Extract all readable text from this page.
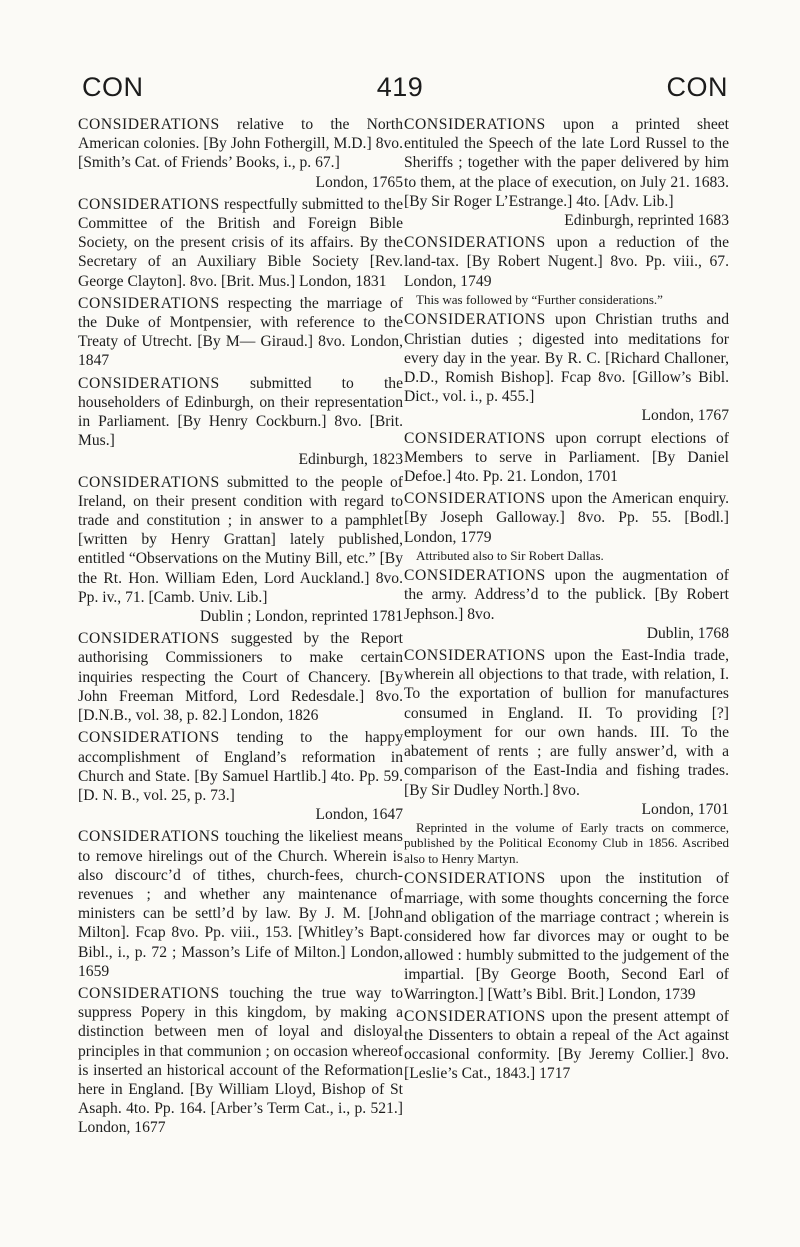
CON	419	CON

CONSIDERATIONS relative to the North American colonies. [By John Fothergill, M.D.] 8vo. [Smith’s Cat. of Friends’ Books, i., p. 67.]
London, 1765

CONSIDERATIONS respectfully submitted to the Committee of the British and Foreign Bible Society, on the present crisis of its affairs. By the Secretary of an Auxiliary Bible Society [Rev. George Clayton]. 8vo. [Brit. Mus.] London, 1831

CONSIDERATIONS respecting the marriage of the Duke of Montpensier, with reference to the Treaty of Utrecht. [By M— Giraud.] 8vo. London, 1847

CONSIDERATIONS submitted to the householders of Edinburgh, on their representation in Parliament. [By Henry Cockburn.] 8vo. [Brit. Mus.]
Edinburgh, 1823

CONSIDERATIONS submitted to the people of Ireland, on their present condition with regard to trade and constitution ; in answer to a pamphlet [written by Henry Grattan] lately published, entitled “Observations on the Mutiny Bill, etc.” [By the Rt. Hon. William Eden, Lord Auckland.] 8vo. Pp. iv., 71. [Camb. Univ. Lib.]
Dublin ; London, reprinted 1781

CONSIDERATIONS suggested by the Report authorising Commissioners to make certain inquiries respecting the Court of Chancery. [By John Freeman Mitford, Lord Redesdale.] 8vo. [D.N.B., vol. 38, p. 82.] London, 1826

CONSIDERATIONS tending to the happy accomplishment of England’s reformation in Church and State. [By Samuel Hartlib.] 4to. Pp. 59. [D. N. B., vol. 25, p. 73.]
London, 1647

CONSIDERATIONS touching the likeliest means to remove hirelings out of the Church. Wherein is also discourc’d of tithes, church-fees, church-revenues ; and whether any maintenance of ministers can be settl’d by law. By J. M. [John Milton]. Fcap 8vo. Pp. viii., 153. [Whitley’s Bapt. Bibl., i., p. 72 ; Masson’s Life of Milton.] London, 1659

CONSIDERATIONS touching the true way to suppress Popery in this kingdom, by making a distinction between men of loyal and disloyal principles in that communion ; on occasion whereof is inserted an historical account of the Reformation here in England. [By William Lloyd, Bishop of St Asaph. 4to. Pp. 164. [Arber’s Term Cat., i., p. 521.] London, 1677

CONSIDERATIONS upon a printed sheet entituled the Speech of the late Lord Russel to the Sheriffs ; together with the paper delivered by him to them, at the place of execution, on July 21. 1683. [By Sir Roger L’Estrange.] 4to. [Adv. Lib.]
Edinburgh, reprinted 1683

CONSIDERATIONS upon a reduction of the land-tax. [By Robert Nugent.] 8vo. Pp. viii., 67. London, 1749
This was followed by “Further considerations.”

CONSIDERATIONS upon Christian truths and Christian duties ; digested into meditations for every day in the year. By R. C. [Richard Challoner, D.D., Romish Bishop]. Fcap 8vo. [Gillow’s Bibl. Dict., vol. i., p. 455.]
London, 1767

CONSIDERATIONS upon corrupt elections of Members to serve in Parliament. [By Daniel Defoe.] 4to. Pp. 21. London, 1701

CONSIDERATIONS upon the American enquiry. [By Joseph Galloway.] 8vo. Pp. 55. [Bodl.] London, 1779
Attributed also to Sir Robert Dallas.

CONSIDERATIONS upon the augmentation of the army. Address’d to the publick. [By Robert Jephson.] 8vo.
Dublin, 1768

CONSIDERATIONS upon the East-India trade, wherein all objections to that trade, with relation, I. To the exportation of bullion for manufactures consumed in England. II. To providing [?] employment for our own hands. III. To the abatement of rents ; are fully answer’d, with a comparison of the East-India and fishing trades. [By Sir Dudley North.] 8vo.
London, 1701
Reprinted in the volume of Early tracts on commerce, published by the Political Economy Club in 1856. Ascribed also to Henry Martyn.

CONSIDERATIONS upon the institution of marriage, with some thoughts concerning the force and obligation of the marriage contract ; wherein is considered how far divorces may or ought to be allowed : humbly submitted to the judgement of the impartial. [By George Booth, Second Earl of Warrington.] [Watt’s Bibl. Brit.] London, 1739

CONSIDERATIONS upon the present attempt of the Dissenters to obtain a repeal of the Act against occasional conformity. [By Jeremy Collier.] 8vo. [Leslie’s Cat., 1843.] 1717
